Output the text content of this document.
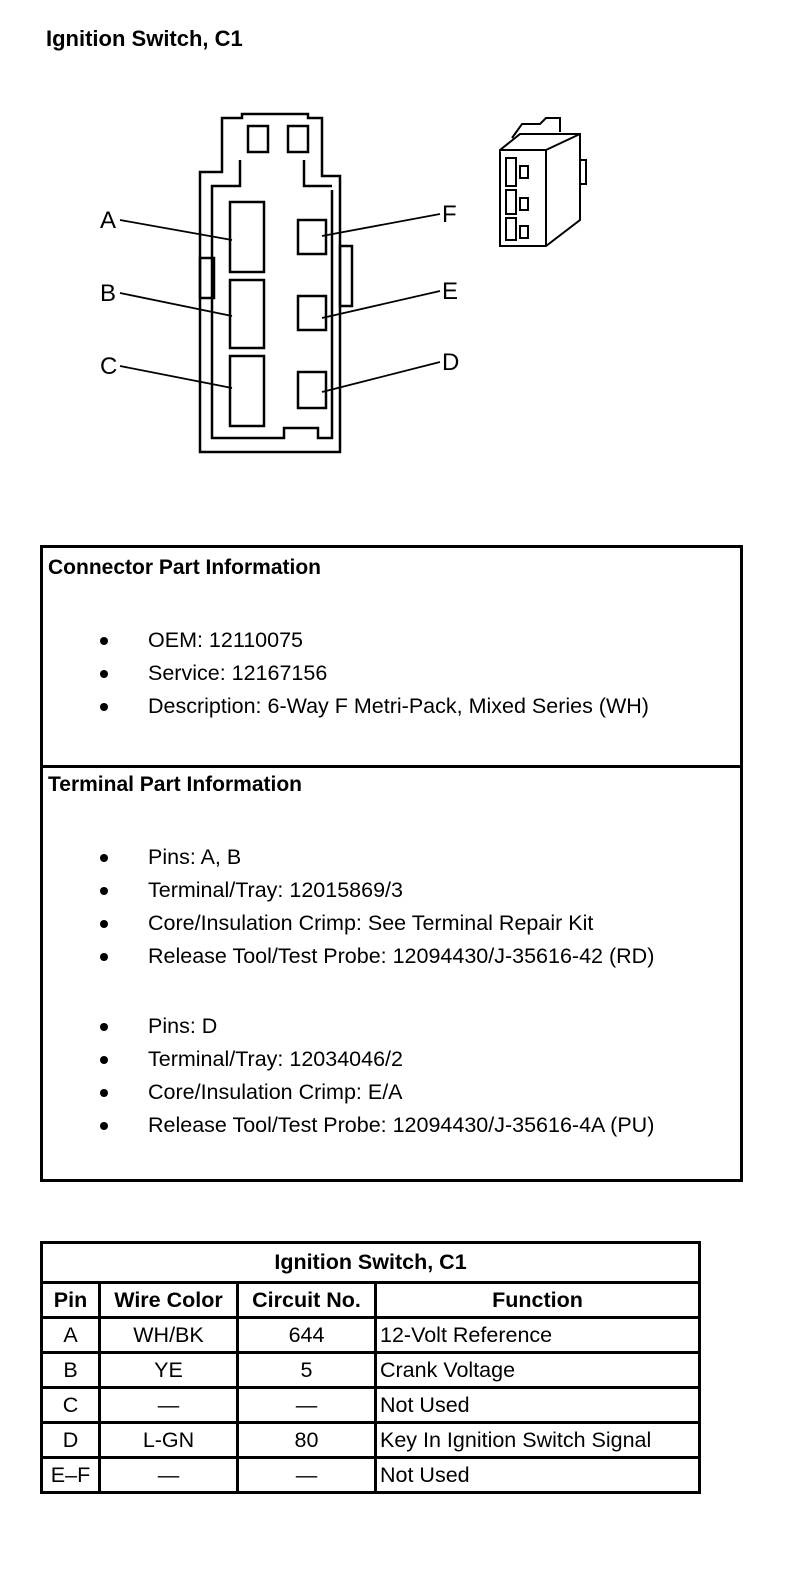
Ignition Switch, C1
A
B
C	D
E
F
Connector Part Information
OEM: 12110075
Service: 12167156
Description: 6-Way F Metri-Pack, Mixed Series (WH)
Terminal Part Information
Pins: A, B
Terminal/Tray: 12015869/3
Core/Insulation Crimp: See Terminal Repair Kit
Release Tool/Test Probe: 12094430/J-35616-42 (RD)
Pins: D
Terminal/Tray: 12034046/2
Core/Insulation Crimp: E/A
Release Tool/Test Probe: 12094430/J-35616-4A (PU)
Ignition Switch, C1			
Pin	Wire Color	Circuit No.	Function
A	WH/BK	644	12-Volt Reference
B	YE	5	Crank Voltage
C	—	—	Not Used
D	L-GN	80	Key In Ignition Switch Signal
E–F	—	—	Not Used
